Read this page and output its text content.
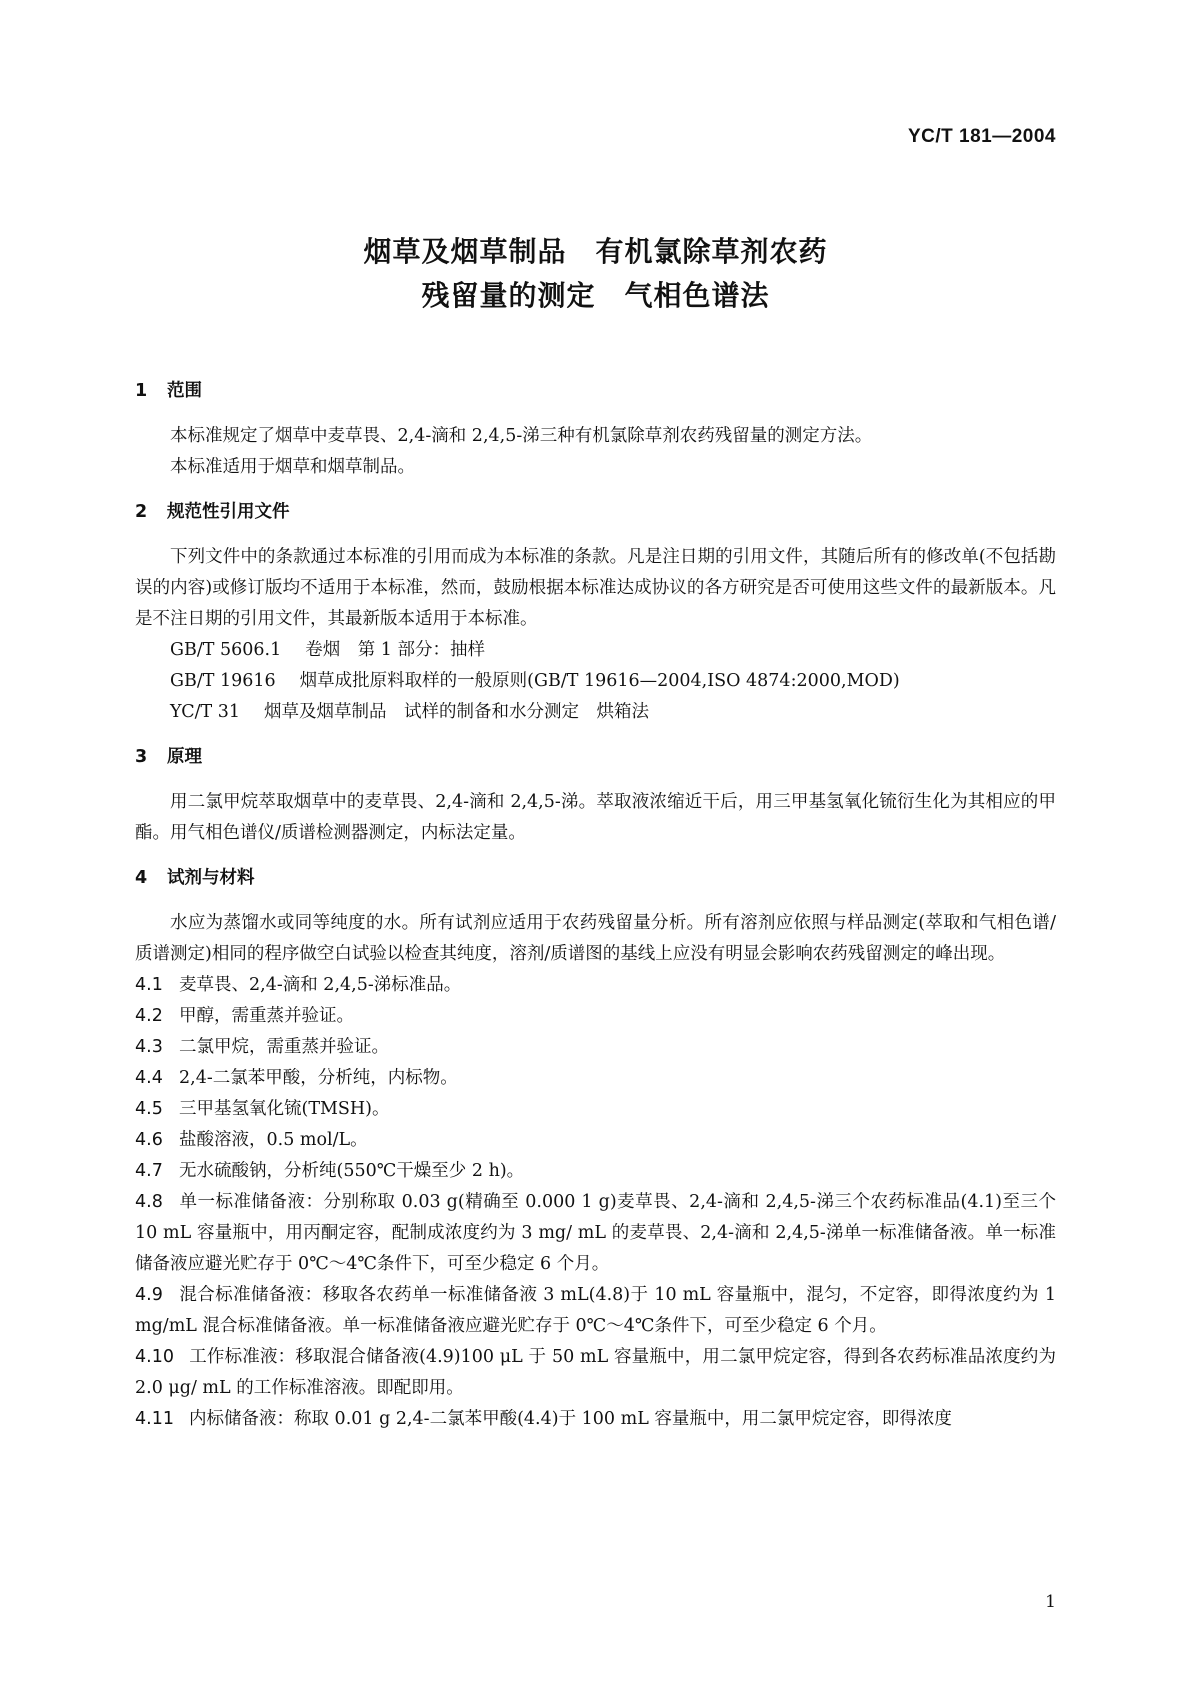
YC/T 181—2004
烟草及烟草制品　有机氯除草剂农药
残留量的测定　气相色谱法
1 范围

本标准规定了烟草中麦草畏、2,4-滴和 2,4,5-涕三种有机氯除草剂农药残留量的测定方法。

本标准适用于烟草和烟草制品。

2 规范性引用文件

下列文件中的条款通过本标准的引用而成为本标准的条款。凡是注日期的引用文件，其随后所有的修改单(不包括勘误的内容)或修订版均不适用于本标准，然而，鼓励根据本标准达成协议的各方研究是否可使用这些文件的最新版本。凡是不注日期的引用文件，其最新版本适用于本标准。

GB/T 5606.1 卷烟　第 1 部分：抽样

GB/T 19616 烟草成批原料取样的一般原则(GB/T 19616—2004,ISO 4874:2000,MOD)

YC/T 31 烟草及烟草制品　试样的制备和水分测定　烘箱法

3 原理

用二氯甲烷萃取烟草中的麦草畏、2,4-滴和 2,4,5-涕。萃取液浓缩近干后，用三甲基氢氧化锍衍生化为其相应的甲酯。用气相色谱仪/质谱检测器测定，内标法定量。

4 试剂与材料

水应为蒸馏水或同等纯度的水。所有试剂应适用于农药残留量分析。所有溶剂应依照与样品测定(萃取和气相色谱/质谱测定)相同的程序做空白试验以检查其纯度，溶剂/质谱图的基线上应没有明显会影响农药残留测定的峰出现。

4.1 麦草畏、2,4-滴和 2,4,5-涕标准品。

4.2 甲醇，需重蒸并验证。

4.3 二氯甲烷，需重蒸并验证。

4.4 2,4-二氯苯甲酸，分析纯，内标物。

4.5 三甲基氢氧化锍(TMSH)。

4.6 盐酸溶液，0.5 mol/L。

4.7 无水硫酸钠，分析纯(550℃干燥至少 2 h)。

4.8 单一标准储备液：分别称取 0.03 g(精确至 0.000 1 g)麦草畏、2,4-滴和 2,4,5-涕三个农药标准品(4.1)至三个 10 mL 容量瓶中，用丙酮定容，配制成浓度约为 3 mg/ mL 的麦草畏、2,4-滴和 2,4,5-涕单一标准储备液。单一标准储备液应避光贮存于 0℃～4℃条件下，可至少稳定 6 个月。

4.9 混合标准储备液：移取各农药单一标准储备液 3 mL(4.8)于 10 mL 容量瓶中，混匀，不定容，即得浓度约为 1 mg/mL 混合标准储备液。单一标准储备液应避光贮存于 0℃～4℃条件下，可至少稳定 6 个月。

4.10 工作标准液：移取混合储备液(4.9)100 μL 于 50 mL 容量瓶中，用二氯甲烷定容，得到各农药标准品浓度约为 2.0 μg/ mL 的工作标准溶液。即配即用。

4.11 内标储备液：称取 0.01 g 2,4-二氯苯甲酸(4.4)于 100 mL 容量瓶中，用二氯甲烷定容，即得浓度

1
